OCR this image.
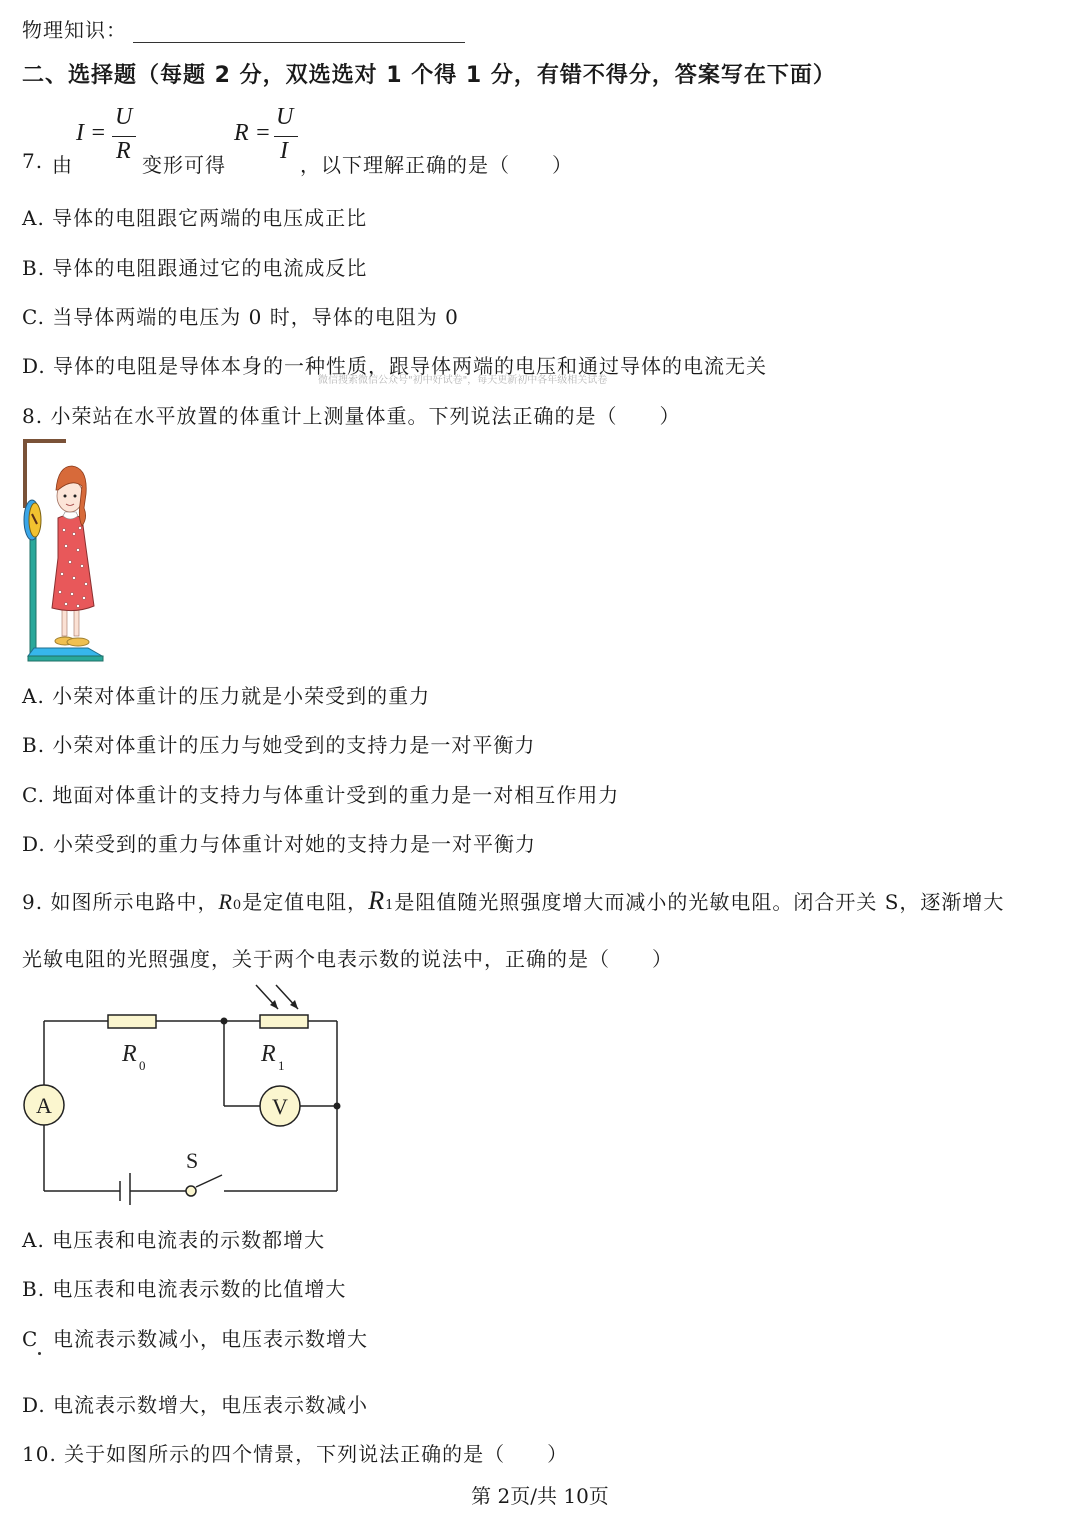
物理知识：
二、选择题（每题 2 分，双选选对 1 个得 1 分，有错不得分，答案写在下面）
7. 由
I =
U
R
变形可得
R =
U
I
，以下理解正确的是（　　）
A. 导体的电阻跟它两端的电压成正比
B. 导体的电阻跟通过它的电流成反比
C. 当导体两端的电压为 0 时，导体的电阻为 0
D. 导体的电阻是导体本身的一种性质，跟导体两端的电压和通过导体的电流无关
微信搜索微信公众号"初中好试卷"，每天更新初中各年级相关试卷
8. 小荣站在水平放置的体重计上测量体重。下列说法正确的是（　　）
A. 小荣对体重计的压力就是小荣受到的重力
B. 小荣对体重计的压力与她受到的支持力是一对平衡力
C. 地面对体重计的支持力与体重计受到的重力是一对相互作用力
D. 小荣受到的重力与体重计对她的支持力是一对平衡力
9. 如图所示电路中，R0是定值电阻，R1是阻值随光照强度增大而减小的光敏电阻。闭合开关 S，逐渐增大
光敏电阻的光照强度，关于两个电表示数的说法中，正确的是（　　）
A	V
R 0	R 1
S
A. 电压表和电流表的示数都增大
B. 电压表和电流表示数的比值增大
C 电流表示数减小，电压表示数增大
D. 电流表示数增大，电压表示数减小
10. 关于如图所示的四个情景，下列说法正确的是（　　）
第 2页/共 10页
